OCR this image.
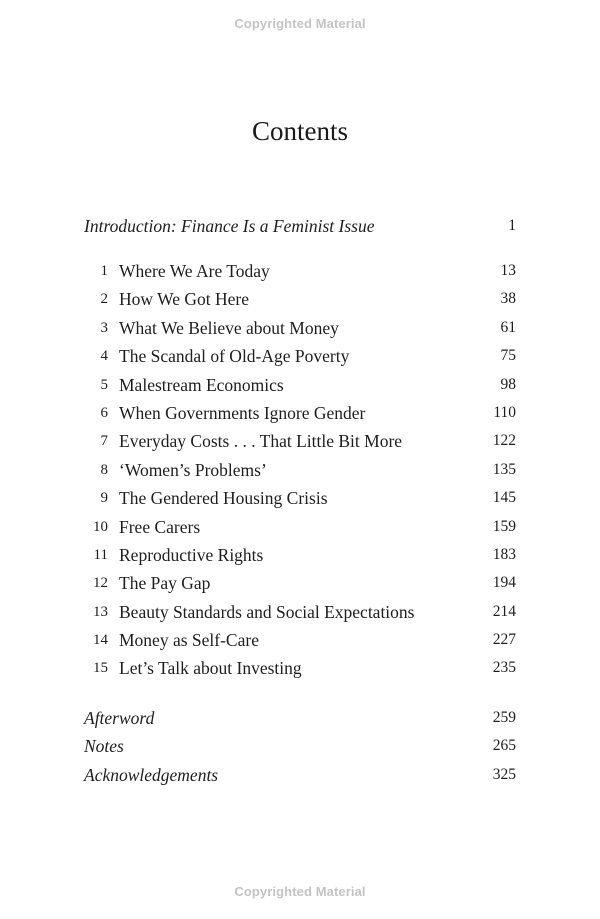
Copyrighted Material
Contents
Introduction: Finance Is a Feminist Issue	1
1 Where We Are Today	13
2 How We Got Here	38
3 What We Believe about Money	61
4 The Scandal of Old-Age Poverty	75
5 Malestream Economics	98
6 When Governments Ignore Gender	110
7 Everyday Costs . . . That Little Bit More	122
8 ‘Women’s Problems’	135
9 The Gendered Housing Crisis	145
10 Free Carers	159
11 Reproductive Rights	183
12 The Pay Gap	194
13 Beauty Standards and Social Expectations	214
14 Money as Self-Care	227
15 Let’s Talk about Investing	235
Afterword	259
Notes	265
Acknowledgements	325
Copyrighted Material
